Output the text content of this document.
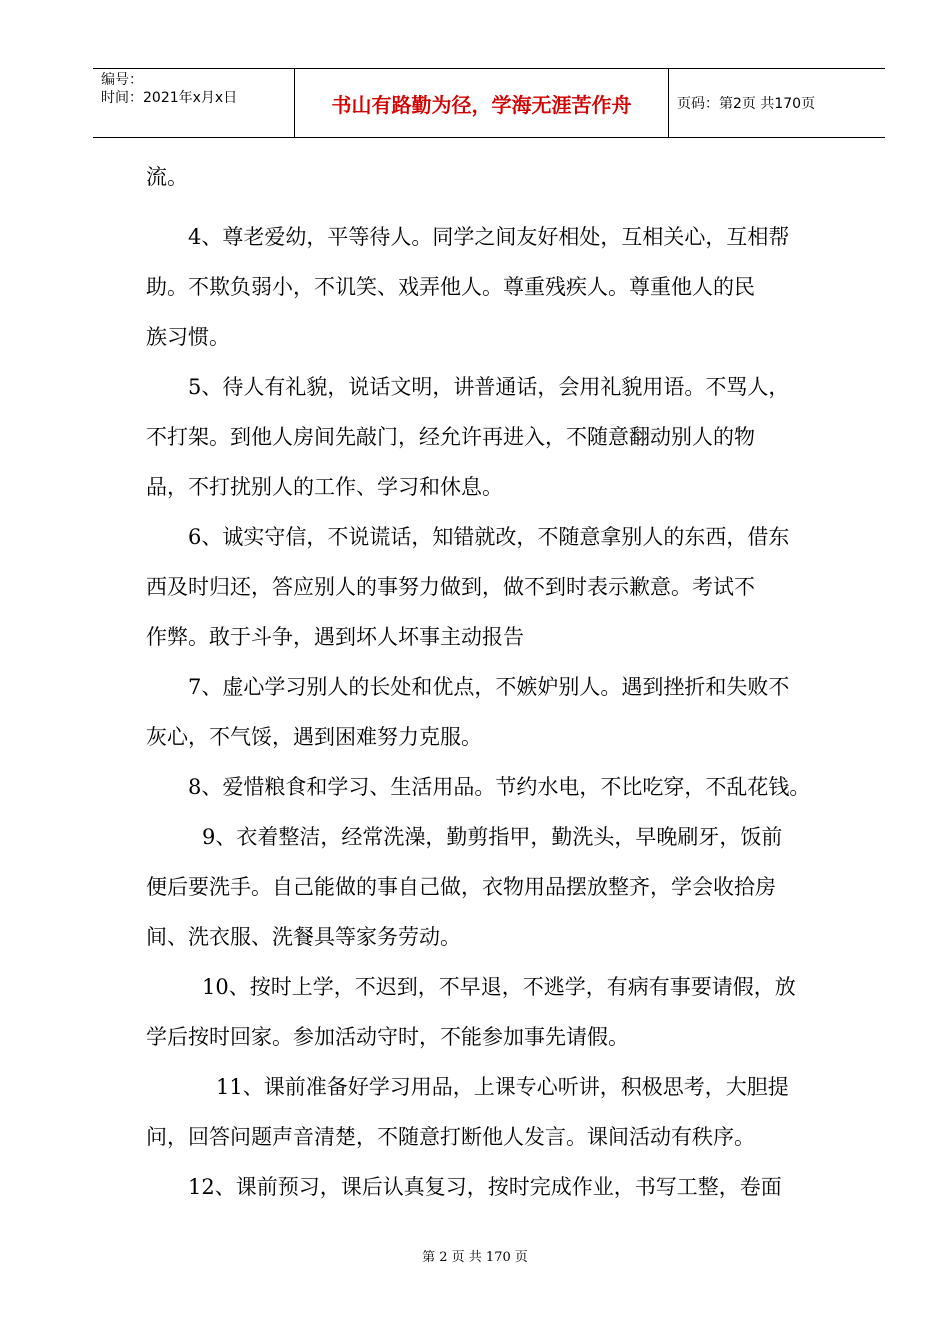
编号：
时间：2021年x月x日	书山有路勤为径，学海无涯苦作舟	页码：第2页 共170页
流。
4、尊老爱幼，平等待人。同学之间友好相处，互相关心，互相帮
助。不欺负弱小，不讥笑、戏弄他人。尊重残疾人。尊重他人的民
族习惯。
5、待人有礼貌，说话文明，讲普通话，会用礼貌用语。不骂人，
不打架。到他人房间先敲门，经允许再进入，不随意翻动别人的物
品，不打扰别人的工作、学习和休息。
6、诚实守信，不说谎话，知错就改，不随意拿别人的东西，借东
西及时归还，答应别人的事努力做到，做不到时表示歉意。考试不
作弊。敢于斗争，遇到坏人坏事主动报告
7、虚心学习别人的长处和优点，不嫉妒别人。遇到挫折和失败不
灰心，不气馁，遇到困难努力克服。
8、爱惜粮食和学习、生活用品。节约水电，不比吃穿，不乱花钱。
9、衣着整洁，经常洗澡，勤剪指甲，勤洗头，早晚刷牙，饭前
便后要洗手。自己能做的事自己做，衣物用品摆放整齐，学会收拾房
间、洗衣服、洗餐具等家务劳动。
10、按时上学，不迟到，不早退，不逃学，有病有事要请假，放
学后按时回家。参加活动守时，不能参加事先请假。
11、课前准备好学习用品，上课专心听讲，积极思考，大胆提
问，回答问题声音清楚，不随意打断他人发言。课间活动有秩序。
12、课前预习，课后认真复习，按时完成作业，书写工整，卷面
第 2 页 共 170 页
